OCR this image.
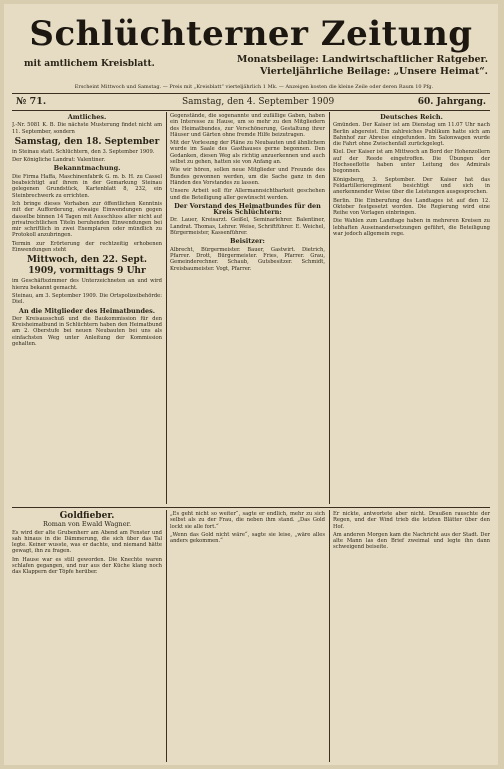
Schlüchterner Zeitung
mit amtlichem Kreisblatt.	Monatsbeilage: Landwirtschaftlicher Ratgeber.
Vierteljährliche Beilage: „Unsere Heimat“.
Erscheint Mittwoch und Samstag. — Preis mit „Kreisblatt“ vierteljährlich 1 Mk. — Anzeigen kosten die kleine Zeile oder deren Raum 10 Pfg.
№ 71.	Samstag, den 4. September 1909	60. Jahrgang.
Amtliches.

J.-Nr. 5081 K. B. Die nächste Musterung findet nicht am 11. September, sondern

Samstag, den 18. September

in Steinau statt. Schlüchtern, den 3. September 1909.

Der Königliche Landrat: Valentiner.

Bekanntmachung.

Die Firma Haffa, Maschinenfabrik G. m. b. H. zu Cassel beabsichtigt auf ihrem in der Gemarkung Steinau gelegenen Grundstück, Kartenblatt 8, 232, ein Steinbrechwerk zu errichten.

Ich bringe dieses Vorhaben zur öffentlichen Kenntnis mit der Aufforderung, etwaige Einwendungen gegen dasselbe binnen 14 Tagen mit Ausschluss aller nicht auf privatrechtlichen Titeln beruhenden Einwendungen bei mir schriftlich in zwei Exemplaren oder mündlich zu Protokoll anzubringen.

Termin zur Erörterung der rechtzeitig erhobenen Einwendungen steht

Mittwoch, den 22. Sept. 1909, vormittags 9 Uhr

im Geschäftszimmer des Unterzeichneten an und wird hierzu bekannt gemacht.

Steinau, am 3. September 1909. Die Ortspolizeibehörde: Diel.

An die Mitglieder des Heimatbundes.

Der Kreisausschuß und die Baukommission für den Kreisheimatbund in Schlüchtern haben den Heimatbund am 2. Oberstufe bei neuen Neubauten bei uns als einfachsten Weg unter Anleitung der Kommission gehalten.

Gegenstände, die sogenannte und zufällige Gaben, haben ein Interesse zu Hause, um so mehr zu den Mitgliedern des Heimatbundes, zur Verschönerung, Gestaltung ihrer Häuser und Gärten ohne fremde Hilfe beizutragen.

Mit der Vorlesung der Pläne zu Neubauten und ähnlichem wurde im Saale des Gasthauses gerne begonnen. Den Gedanken, diesen Weg als richtig anzuerkennen und auch selbst zu gehen, hatten sie von Anfang an.

Wie wir hören, sollen neue Mitglieder und Freunde des Bundes gewonnen werden, um die Sache ganz in den Händen des Vorstandes zu lassen.

Unsere Arbeit soll für Allermannsichtbarkeit geschehen und die Beteiligung aller gewünscht werden.

Der Vorstand des Heimatbundes für den Kreis Schlüchtern:

Dr. Lauer, Kreisarzt. Geißel, Seminarlehrer. Balentiner, Landrat. Thomas, Lehrer. Weise, Schriftführer. E. Weichel, Bürgermeister, Kassenführer.

Beisitzer:

Albrecht, Bürgermeister. Bauer, Gastwirt. Dietrich, Pfarrer. Drott, Bürgermeister. Fries, Pfarrer. Grau, Gemeinderechner. Schaub, Gutsbesitzer. Schmidt, Kreisbaumeister. Vogt, Pfarrer.

Deutsches Reich.

Gmünden. Der Kaiser ist am Dienstag um 11.07 Uhr nach Berlin abgereist. Ein zahlreiches Publikum hatte sich am Bahnhof zur Abreise eingefunden. Im Salonwagen wurde die Fahrt ohne Zwischenfall zurückgelegt.

Kiel. Der Kaiser ist am Mittwoch an Bord der Hohenzollern auf der Reede eingetroffen. Die Übungen der Hochseeflotte haben unter Leitung des Admirals begonnen.

Königsberg, 3. September. Der Kaiser hat das Feldartillerieregiment besichtigt und sich in anerkennender Weise über die Leistungen ausgesprochen.

Berlin. Die Einberufung des Landtages ist auf den 12. Oktober festgesetzt worden. Die Regierung wird eine Reihe von Vorlagen einbringen.

Die Wahlen zum Landtage haben in mehreren Kreisen zu lebhaften Auseinandersetzungen geführt, die Beteiligung war jedoch allgemein rege.

Goldfieber.
Roman von Ewald Wagner.

Es wird der alte Grubenherr am Abend am Fenster und sah hinaus in die Dämmerung, die sich über das Tal legte. Keiner wusste, was er dachte, und niemand hätte gewagt, ihn zu fragen.

Im Hause war es still geworden. Die Knechte waren schlafen gegangen, und nur aus der Küche klang noch das Klappern der Töpfe herüber.

„Es geht nicht so weiter“, sagte er endlich, mehr zu sich selbst als zu der Frau, die neben ihm stand. „Das Gold lockt sie alle fort.“

„Wenn das Gold nicht wäre“, sagte sie leise, „wäre alles anders gekommen.“

Er nickte, antwortete aber nicht. Draußen rauschte der Regen, und der Wind trieb die letzten Blätter über den Hof.

Am anderen Morgen kam die Nachricht aus der Stadt. Der alte Mann las den Brief zweimal und legte ihn dann schweigend beiseite.
